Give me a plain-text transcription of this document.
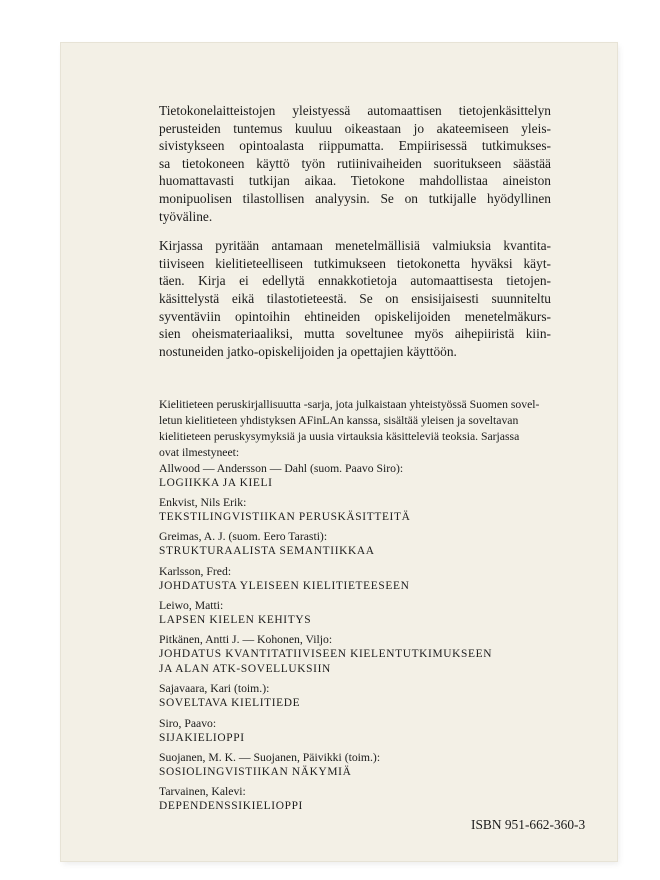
Tietokonelaitteistojen yleistyessä automaattisen tietojenkäsittelyn
perusteiden tuntemus kuuluu oikeastaan jo akateemiseen yleis-
sivistykseen opintoalasta riippumatta. Empiirisessä tutkimukses-
sa tietokoneen käyttö työn rutiinivaiheiden suoritukseen säästää
huomattavasti tutkijan aikaa. Tietokone mahdollistaa aineiston
monipuolisen tilastollisen analyysin. Se on tutkijalle hyödyllinen
työväline.

Kirjassa pyritään antamaan menetelmällisiä valmiuksia kvantita-
tiiviseen kielitieteelliseen tutkimukseen tietokonetta hyväksi käyt-
täen. Kirja ei edellytä ennakkotietoja automaattisesta tietojen-
käsittelystä eikä tilastotieteestä. Se on ensisijaisesti suunniteltu
syventäviin opintoihin ehtineiden opiskelijoiden menetelmäkurs-
sien oheismateriaaliksi, mutta soveltunee myös aihepiiristä kiin-
nostuneiden jatko-opiskelijoiden ja opettajien käyttöön.

Kielitieteen peruskirjallisuutta -sarja, jota julkaistaan yhteistyössä Suomen sovel-
letun kielitieteen yhdistyksen AFinLAn kanssa, sisältää yleisen ja soveltavan
kielitieteen peruskysymyksiä ja uusia virtauksia käsitteleviä teoksia. Sarjassa
ovat ilmestyneet:
Allwood — Andersson — Dahl (suom. Paavo Siro):
LOGIIKKA JA KIELI
Enkvist, Nils Erik:
TEKSTILINGVISTIIKAN PERUSKÄSITTEITÄ
Greimas, A. J. (suom. Eero Tarasti):
STRUKTURAALISTA SEMANTIIKKAA
Karlsson, Fred:
JOHDATUSTA YLEISEEN KIELITIETEESEEN
Leiwo, Matti:
LAPSEN KIELEN KEHITYS
Pitkänen, Antti J. — Kohonen, Viljo:
JOHDATUS KVANTITATIIVISEEN KIELENTUTKIMUKSEEN
JA ALAN ATK-SOVELLUKSIIN
Sajavaara, Kari (toim.):
SOVELTAVA KIELITIEDE
Siro, Paavo:
SIJAKIELIOPPI
Suojanen, M. K. — Suojanen, Päivikki (toim.):
SOSIOLINGVISTIIKAN NÄKYMIÄ
Tarvainen, Kalevi:
DEPENDENSSIKIELIOPPI
ISBN 951-662-360-3
